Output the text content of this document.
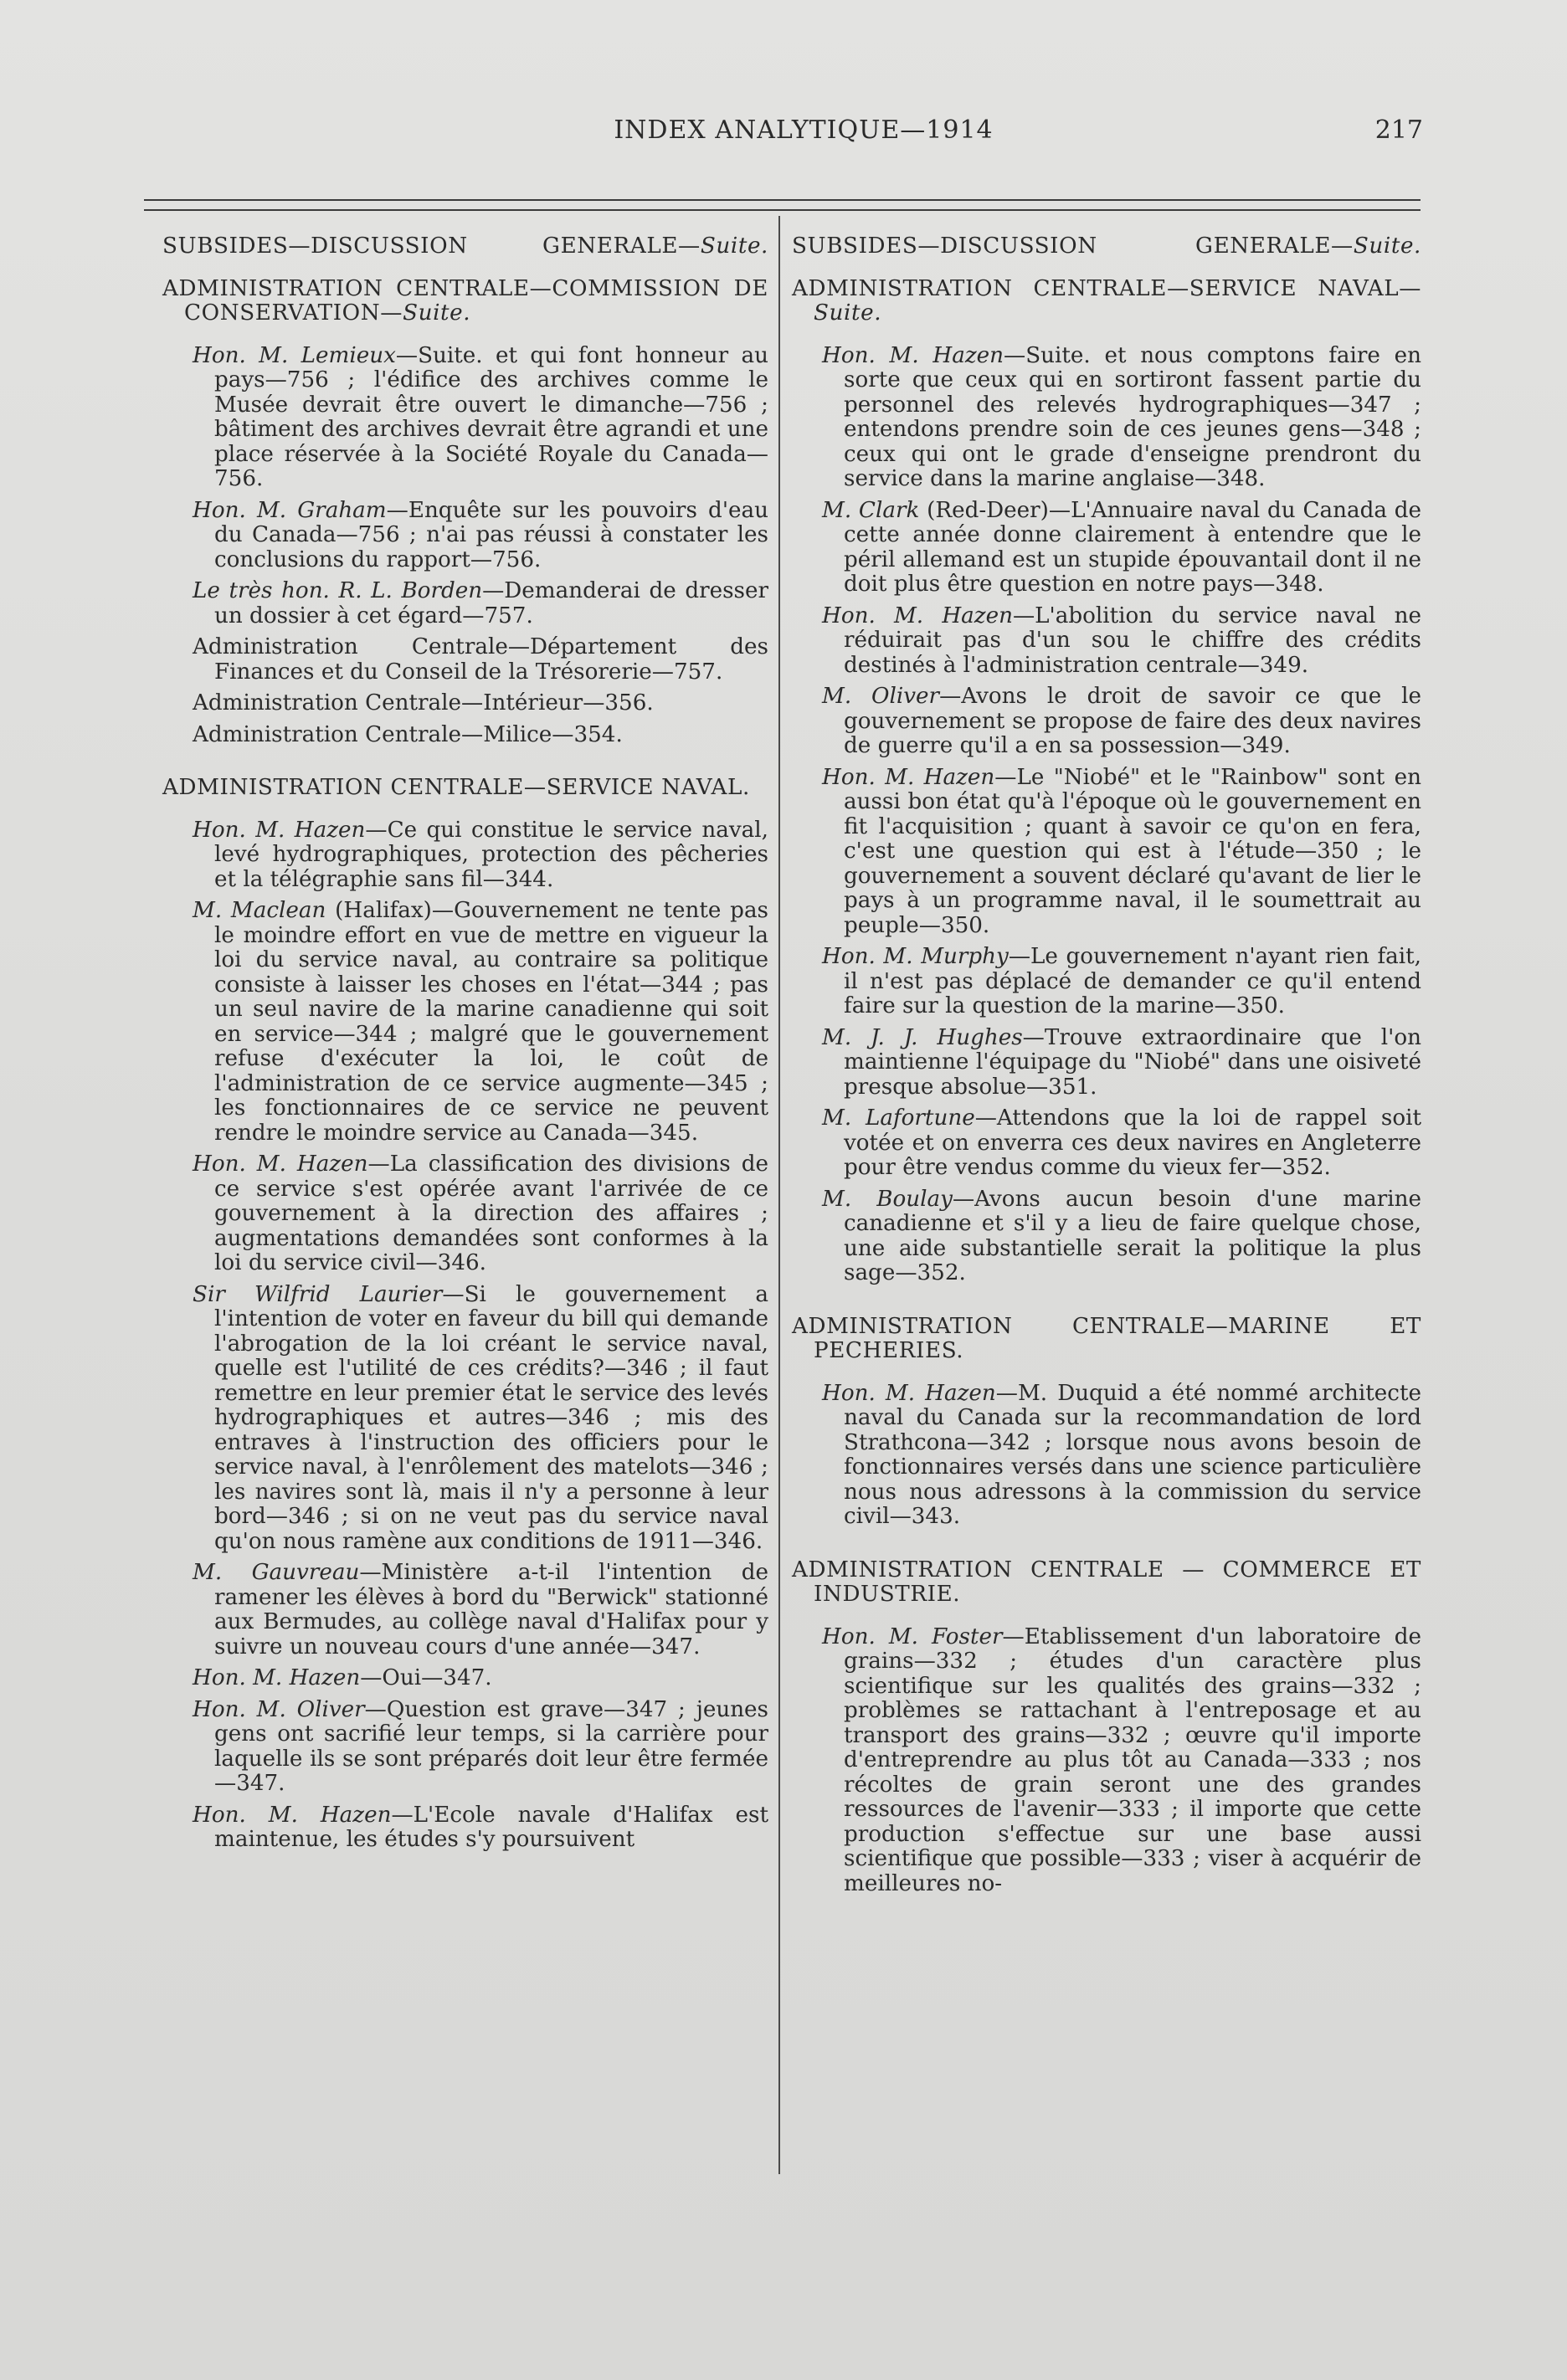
INDEX ANALYTIQUE—1914	217
SUBSIDES—DISCUSSION GENERALE—Suite.
ADMINISTRATION CENTRALE—COMMISSION DE CONSERVATION—Suite.
Hon. M. Lemieux—Suite. et qui font honneur au pays—756 ; l'édifice des archives comme le Musée devrait être ouvert le dimanche—756 ; bâtiment des archives devrait être agrandi et une place réservée à la Société Royale du Canada—756.
Hon. M. Graham—Enquête sur les pouvoirs d'eau du Canada—756 ; n'ai pas réussi à constater les conclusions du rapport—756.
Le très hon. R. L. Borden—Demanderai de dresser un dossier à cet égard—757.
Administration Centrale—Département des Finances et du Conseil de la Trésorerie—757.
Administration Centrale—Intérieur—356.
Administration Centrale—Milice—354.
ADMINISTRATION CENTRALE—SERVICE NAVAL.
Hon. M. Hazen—Ce qui constitue le service naval, levé hydrographiques, protection des pêcheries et la télégraphie sans fil—344.
M. Maclean (Halifax)—Gouvernement ne tente pas le moindre effort en vue de mettre en vigueur la loi du service naval, au contraire sa politique consiste à laisser les choses en l'état—344 ; pas un seul navire de la marine canadienne qui soit en service—344 ; malgré que le gouvernement refuse d'exécuter la loi, le coût de l'administration de ce service augmente—345 ; les fonctionnaires de ce service ne peuvent rendre le moindre service au Canada—345.
Hon. M. Hazen—La classification des divisions de ce service s'est opérée avant l'arrivée de ce gouvernement à la direction des affaires ; augmentations demandées sont conformes à la loi du service civil—346.
Sir Wilfrid Laurier—Si le gouvernement a l'intention de voter en faveur du bill qui demande l'abrogation de la loi créant le service naval, quelle est l'utilité de ces crédits?—346 ; il faut remettre en leur premier état le service des levés hydrographiques et autres—346 ; mis des entraves à l'instruction des officiers pour le service naval, à l'enrôlement des matelots—346 ; les navires sont là, mais il n'y a personne à leur bord—346 ; si on ne veut pas du service naval qu'on nous ramène aux conditions de 1911—346.
M. Gauvreau—Ministère a-t-il l'intention de ramener les élèves à bord du "Berwick" stationné aux Bermudes, au collège naval d'Halifax pour y suivre un nouveau cours d'une année—347.
Hon. M. Hazen—Oui—347.
Hon. M. Oliver—Question est grave—347 ; jeunes gens ont sacrifié leur temps, si la carrière pour laquelle ils se sont préparés doit leur être fermée—347.
Hon. M. Hazen—L'Ecole navale d'Halifax est maintenue, les études s'y poursuivent
SUBSIDES—DISCUSSION GENERALE—Suite.
ADMINISTRATION CENTRALE—SERVICE NAVAL—Suite.
Hon. M. Hazen—Suite. et nous comptons faire en sorte que ceux qui en sortiront fassent partie du personnel des relevés hydrographiques—347 ; entendons prendre soin de ces jeunes gens—348 ; ceux qui ont le grade d'enseigne prendront du service dans la marine anglaise—348.
M. Clark (Red-Deer)—L'Annuaire naval du Canada de cette année donne clairement à entendre que le péril allemand est un stupide épouvantail dont il ne doit plus être question en notre pays—348.
Hon. M. Hazen—L'abolition du service naval ne réduirait pas d'un sou le chiffre des crédits destinés à l'administration centrale—349.
M. Oliver—Avons le droit de savoir ce que le gouvernement se propose de faire des deux navires de guerre qu'il a en sa possession—349.
Hon. M. Hazen—Le "Niobé" et le "Rainbow" sont en aussi bon état qu'à l'époque où le gouvernement en fit l'acquisition ; quant à savoir ce qu'on en fera, c'est une question qui est à l'étude—350 ; le gouvernement a souvent déclaré qu'avant de lier le pays à un programme naval, il le soumettrait au peuple—350.
Hon. M. Murphy—Le gouvernement n'ayant rien fait, il n'est pas déplacé de demander ce qu'il entend faire sur la question de la marine—350.
M. J. J. Hughes—Trouve extraordinaire que l'on maintienne l'équipage du "Niobé" dans une oisiveté presque absolue—351.
M. Lafortune—Attendons que la loi de rappel soit votée et on enverra ces deux navires en Angleterre pour être vendus comme du vieux fer—352.
M. Boulay—Avons aucun besoin d'une marine canadienne et s'il y a lieu de faire quelque chose, une aide substantielle serait la politique la plus sage—352.
ADMINISTRATION CENTRALE—MARINE ET PECHERIES.
Hon. M. Hazen—M. Duquid a été nommé architecte naval du Canada sur la recommandation de lord Strathcona—342 ; lorsque nous avons besoin de fonctionnaires versés dans une science particulière nous nous adressons à la commission du service civil—343.
ADMINISTRATION CENTRALE — COMMERCE ET INDUSTRIE.
Hon. M. Foster—Etablissement d'un laboratoire de grains—332 ; études d'un caractère plus scientifique sur les qualités des grains—332 ; problèmes se rattachant à l'entreposage et au transport des grains—332 ; œuvre qu'il importe d'entreprendre au plus tôt au Canada—333 ; nos récoltes de grain seront une des grandes ressources de l'avenir—333 ; il importe que cette production s'effectue sur une base aussi scientifique que possible—333 ; viser à acquérir de meilleures no-
